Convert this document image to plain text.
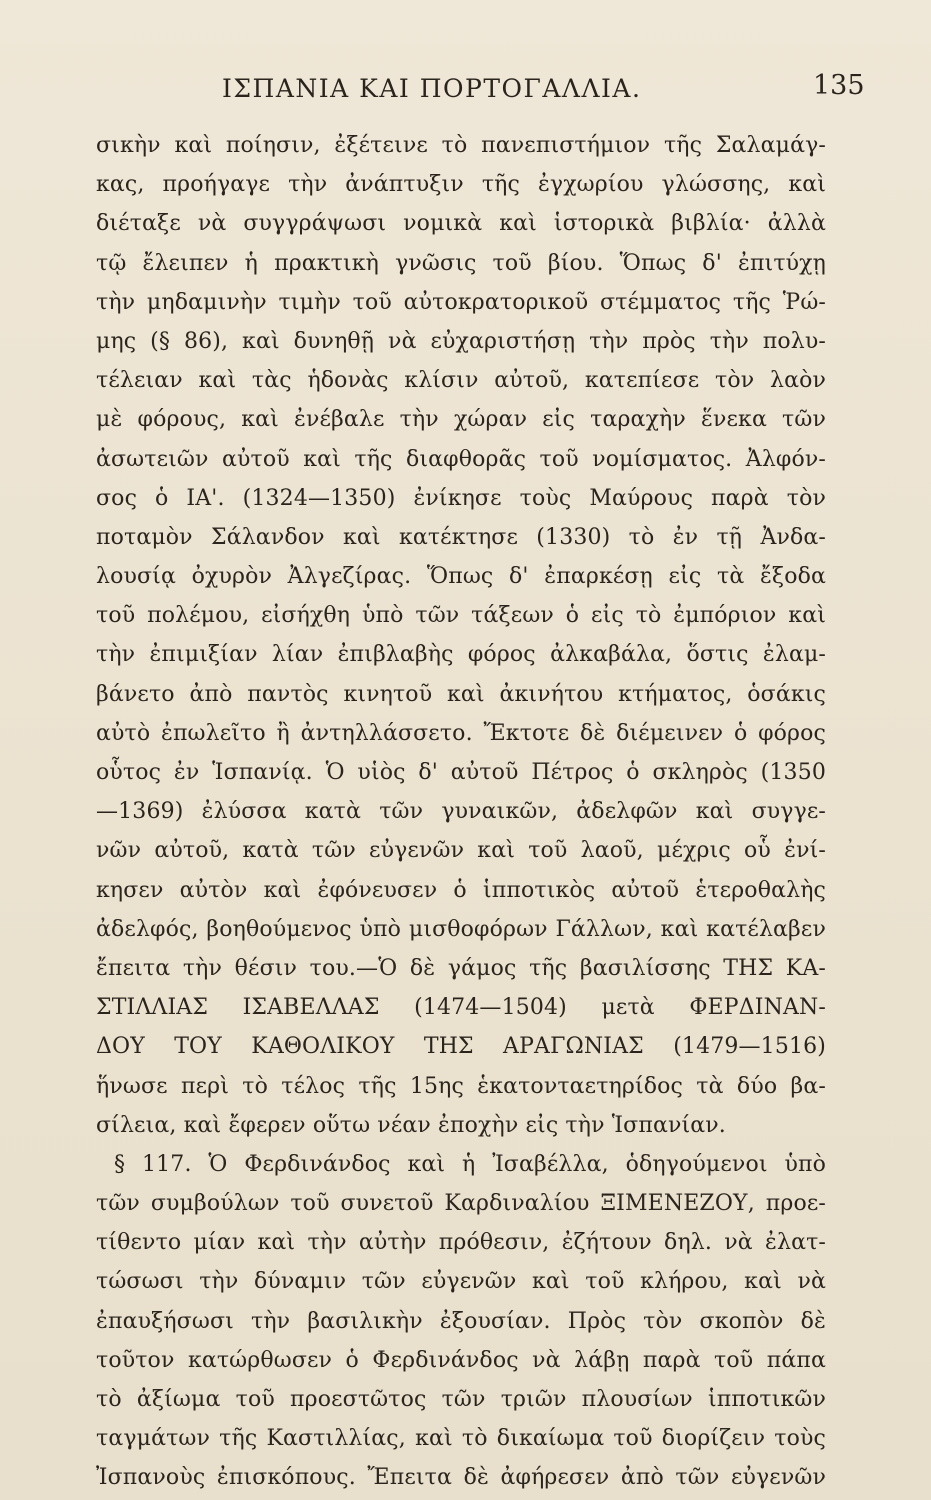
ΙΣΠΑΝΙΑ ΚΑΙ ΠΟΡΤΟΓΑΛΛΙΑ.	135
σικὴν καὶ ποίησιν, ἐξέτεινε τὸ πανεπιστήμιον τῆς Σαλαμάγ-
κας, προήγαγε τὴν ἀνάπτυξιν τῆς ἐγχωρίου γλώσσης, καὶ
διέταξε νὰ συγγράψωσι νομικὰ καὶ ἱστορικὰ βιβλία· ἀλλὰ
τῷ ἔλειπεν ἡ πρακτικὴ γνῶσις τοῦ βίου. Ὅπως δ' ἐπιτύχῃ
τὴν μηδαμινὴν τιμὴν τοῦ αὐτοκρατορικοῦ στέμματος τῆς Ῥώ-
μης (§ 86), καὶ δυνηθῇ νὰ εὐχαριστήσῃ τὴν πρὸς τὴν πολυ-
τέλειαν καὶ τὰς ἡδονὰς κλίσιν αὐτοῦ, κατεπίεσε τὸν λαὸν
μὲ φόρους, καὶ ἐνέβαλε τὴν χώραν εἰς ταραχὴν ἕνεκα τῶν
ἀσωτειῶν αὐτοῦ καὶ τῆς διαφθορᾶς τοῦ νομίσματος. Ἀλφόν-
σος ὁ ΙΑ'. (1324—1350) ἐνίκησε τοὺς Μαύρους παρὰ τὸν
ποταμὸν Σάλανδον καὶ κατέκτησε (1330) τὸ ἐν τῇ Ἀνδα-
λουσίᾳ ὀχυρὸν Ἀλγεζίρας. Ὅπως δ' ἐπαρκέσῃ εἰς τὰ ἔξοδα
τοῦ πολέμου, εἰσήχθη ὑπὸ τῶν τάξεων ὁ εἰς τὸ ἐμπόριον καὶ
τὴν ἐπιμιξίαν λίαν ἐπιβλαβὴς φόρος ἀλκαβάλα, ὅστις ἐλαμ-
βάνετο ἀπὸ παντὸς κινητοῦ καὶ ἀκινήτου κτήματος, ὁσάκις
αὐτὸ ἐπωλεῖτο ἢ ἀντηλλάσσετο. Ἔκτοτε δὲ διέμεινεν ὁ φόρος
οὗτος ἐν Ἱσπανίᾳ. Ὁ υἱὸς δ' αὐτοῦ Πέτρος ὁ σκληρὸς (1350
—1369) ἐλύσσα κατὰ τῶν γυναικῶν, ἀδελφῶν καὶ συγγε-
νῶν αὐτοῦ, κατὰ τῶν εὐγενῶν καὶ τοῦ λαοῦ, μέχρις οὗ ἐνί-
κησεν αὐτὸν καὶ ἐφόνευσεν ὁ ἱπποτικὸς αὐτοῦ ἑτεροθαλὴς
ἀδελφός, βοηθούμενος ὑπὸ μισθοφόρων Γάλλων, καὶ κατέλαβεν
ἔπειτα τὴν θέσιν του.—Ὁ δὲ γάμος τῆς βασιλίσσης ΤΗΣ ΚΑ-
ΣΤΙΛΛΙΑΣ ΙΣΑΒΕΛΛΑΣ (1474—1504) μετὰ ΦΕΡΔΙΝΑΝ-
ΔΟΥ ΤΟΥ ΚΑΘΟΛΙΚΟΥ ΤΗΣ ΑΡΑΓΩΝΙΑΣ (1479—1516)
ἥνωσε περὶ τὸ τέλος τῆς 15ης ἑκατονταετηρίδος τὰ δύο βα-
σίλεια, καὶ ἔφερεν οὕτω νέαν ἐποχὴν εἰς τὴν Ἱσπανίαν.
§ 117. Ὁ Φερδινάνδος καὶ ἡ Ἰσαβέλλα, ὁδηγούμενοι ὑπὸ
τῶν συμβούλων τοῦ συνετοῦ Καρδιναλίου ΞΙΜΕΝΕΖΟΥ, προε-
τίθεντο μίαν καὶ τὴν αὐτὴν πρόθεσιν, ἐζήτουν δηλ. νὰ ἐλατ-
τώσωσι τὴν δύναμιν τῶν εὐγενῶν καὶ τοῦ κλήρου, καὶ νὰ
ἐπαυξήσωσι τὴν βασιλικὴν ἐξουσίαν. Πρὸς τὸν σκοπὸν δὲ
τοῦτον κατώρθωσεν ὁ Φερδινάνδος νὰ λάβῃ παρὰ τοῦ πάπα
τὸ ἀξίωμα τοῦ προεστῶτος τῶν τριῶν πλουσίων ἱπποτικῶν
ταγμάτων τῆς Καστιλλίας, καὶ τὸ δικαίωμα τοῦ διορίζειν τοὺς
Ἰσπανοὺς ἐπισκόπους. Ἔπειτα δὲ ἀφήρεσεν ἀπὸ τῶν εὐγενῶν
